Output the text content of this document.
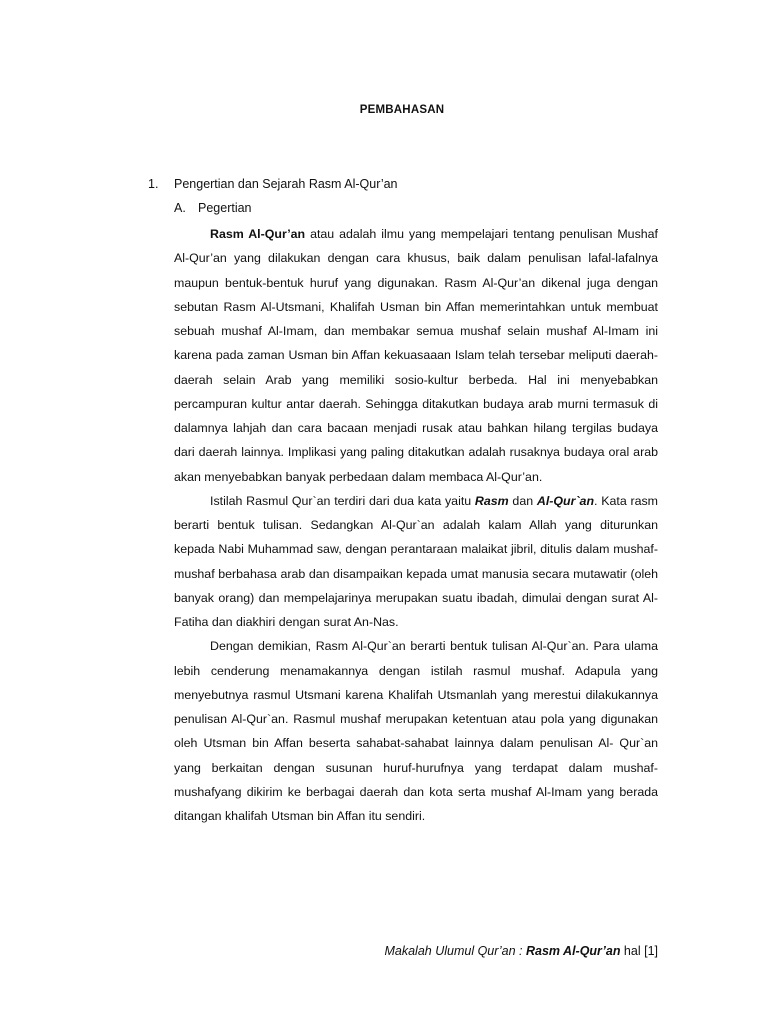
PEMBAHASAN
1. Pengertian dan Sejarah Rasm Al-Qur’an
A. Pegertian

Rasm Al-Qur’an atau adalah ilmu yang mempelajari tentang penulisan Mushaf Al-Qur’an yang dilakukan dengan cara khusus, baik dalam penulisan lafal-lafalnya maupun bentuk-bentuk huruf yang digunakan. Rasm Al-Qur’an dikenal juga dengan sebutan Rasm Al-Utsmani, Khalifah Usman bin Affan memerintahkan untuk membuat sebuah mushaf Al-Imam, dan membakar semua mushaf selain mushaf Al-Imam ini karena pada zaman Usman bin Affan kekuasaaan Islam telah tersebar meliputi daerah-daerah selain Arab yang memiliki sosio-kultur berbeda. Hal ini menyebabkan percampuran kultur antar daerah. Sehingga ditakutkan budaya arab murni termasuk di dalamnya lahjah dan cara bacaan menjadi rusak atau bahkan hilang tergilas budaya dari daerah lainnya. Implikasi yang paling ditakutkan adalah rusaknya budaya oral arab akan menyebabkan banyak perbedaan dalam membaca Al-Qur’an.

Istilah Rasmul Qur`an terdiri dari dua kata yaitu Rasm dan Al-Qur`an. Kata rasm berarti bentuk tulisan. Sedangkan Al-Qur`an adalah kalam Allah yang diturunkan kepada Nabi Muhammad saw, dengan perantaraan malaikat jibril, ditulis dalam mushaf-mushaf berbahasa arab dan disampaikan kepada umat manusia secara mutawatir (oleh banyak orang) dan mempelajarinya merupakan suatu ibadah, dimulai dengan surat Al-Fatiha dan diakhiri dengan surat An-Nas.

Dengan demikian, Rasm Al-Qur`an berarti bentuk tulisan Al-Qur`an. Para ulama lebih cenderung menamakannya dengan istilah rasmul mushaf. Adapula yang menyebutnya rasmul Utsmani karena Khalifah Utsmanlah yang merestui dilakukannya penulisan Al-Qur`an. Rasmul mushaf merupakan ketentuan atau pola yang digunakan oleh Utsman bin Affan beserta sahabat-sahabat lainnya dalam penulisan Al- Qur`an yang berkaitan dengan susunan huruf-hurufnya yang terdapat dalam mushaf-mushafyang dikirim ke berbagai daerah dan kota serta mushaf Al-Imam yang berada ditangan khalifah Utsman bin Affan itu sendiri.

Makalah Ulumul Qur’an : Rasm Al-Qur’an hal [1]
